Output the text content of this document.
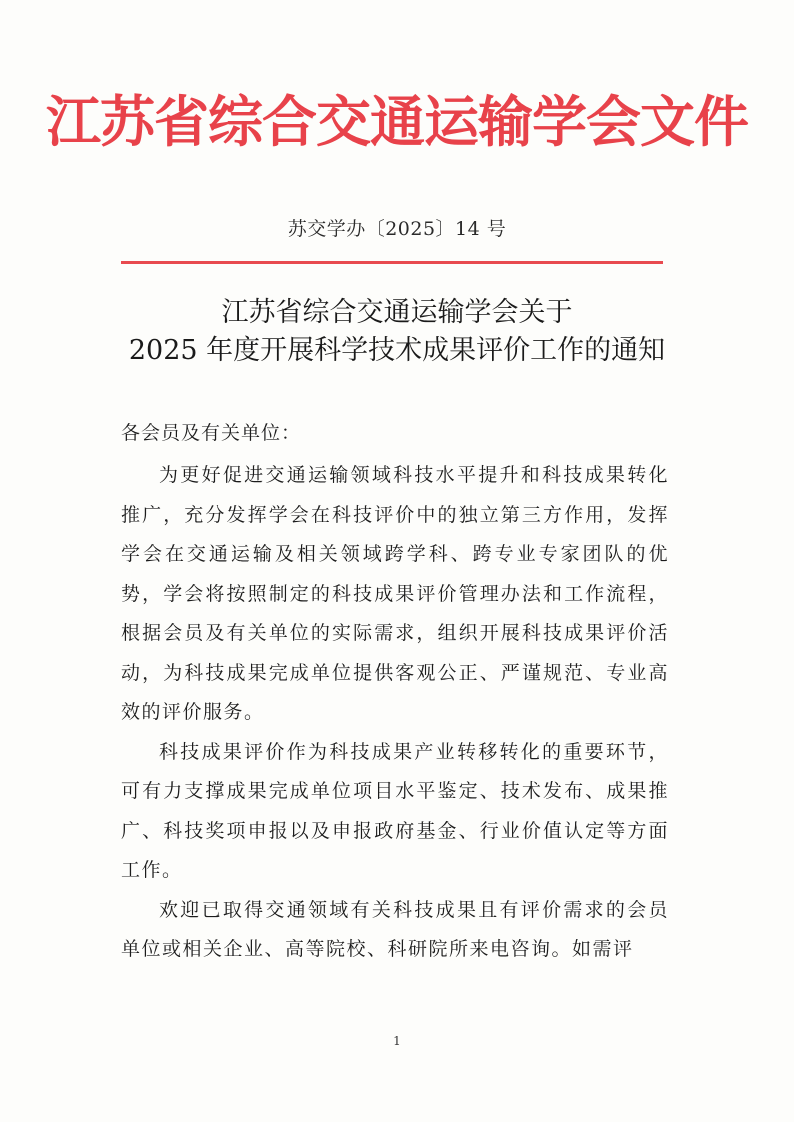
江苏省综合交通运输学会文件
苏交学办〔2025〕14 号
江苏省综合交通运输学会关于
2025 年度开展科学技术成果评价工作的通知
各会员及有关单位：

为更好促进交通运输领域科技水平提升和科技成果转化推广，充分发挥学会在科技评价中的独立第三方作用，发挥学会在交通运输及相关领域跨学科、跨专业专家团队的优势，学会将按照制定的科技成果评价管理办法和工作流程，根据会员及有关单位的实际需求，组织开展科技成果评价活动，为科技成果完成单位提供客观公正、严谨规范、专业高效的评价服务。

科技成果评价作为科技成果产业转移转化的重要环节，可有力支撑成果完成单位项目水平鉴定、技术发布、成果推广、科技奖项申报以及申报政府基金、行业价值认定等方面工作。

欢迎已取得交通领域有关科技成果且有评价需求的会员单位或相关企业、高等院校、科研院所来电咨询。如需评

1
